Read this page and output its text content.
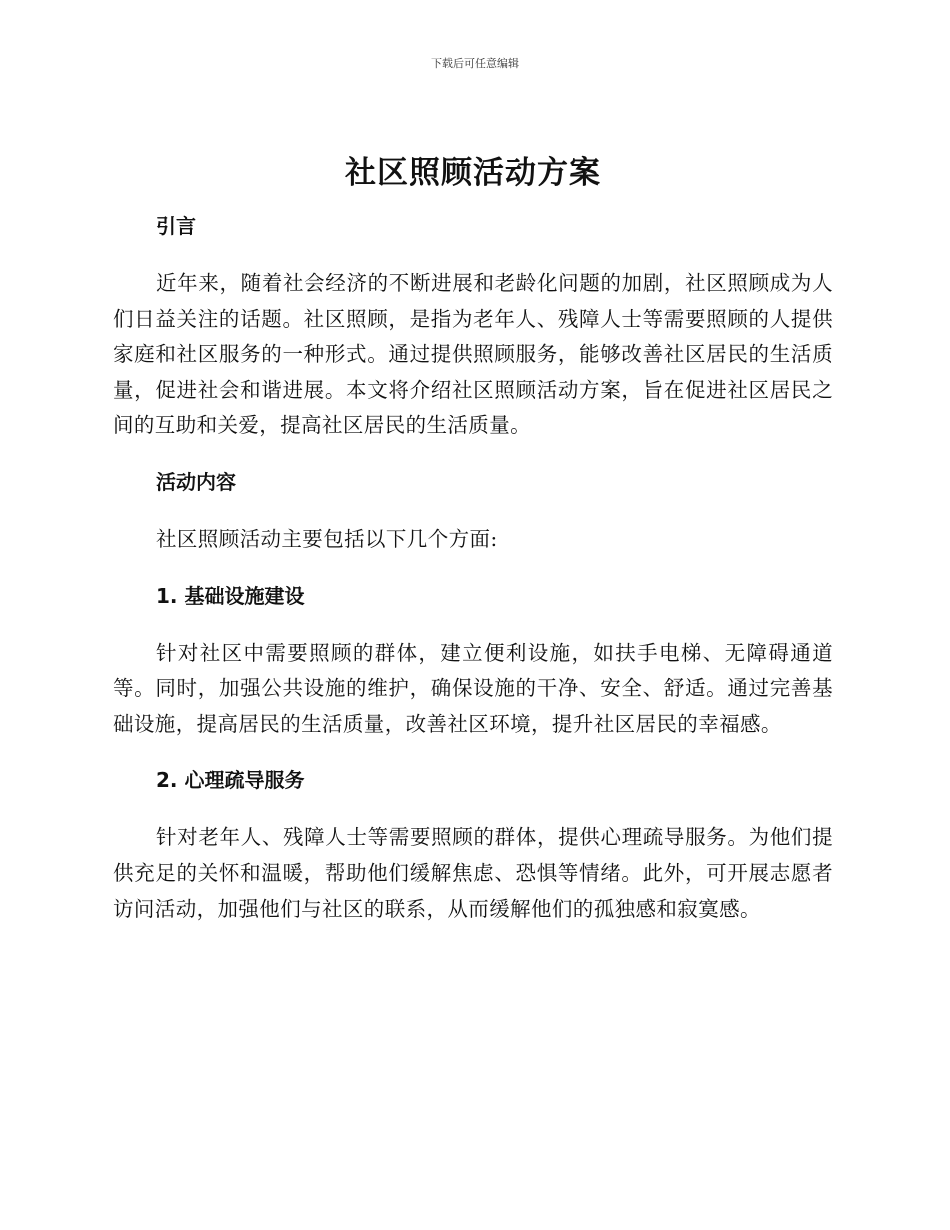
下载后可任意编辑
社区照顾活动方案
引言

近年来，随着社会经济的不断进展和老龄化问题的加剧，社区照顾成为人们日益关注的话题。社区照顾，是指为老年人、残障人士等需要照顾的人提供家庭和社区服务的一种形式。通过提供照顾服务，能够改善社区居民的生活质量，促进社会和谐进展。本文将介绍社区照顾活动方案，旨在促进社区居民之间的互助和关爱，提高社区居民的生活质量。

活动内容

社区照顾活动主要包括以下几个方面:

1. 基础设施建设

针对社区中需要照顾的群体，建立便利设施，如扶手电梯、无障碍通道等。同时，加强公共设施的维护，确保设施的干净、安全、舒适。通过完善基础设施，提高居民的生活质量，改善社区环境，提升社区居民的幸福感。

2. 心理疏导服务

针对老年人、残障人士等需要照顾的群体，提供心理疏导服务。为他们提供充足的关怀和温暖，帮助他们缓解焦虑、恐惧等情绪。此外，可开展志愿者访问活动，加强他们与社区的联系，从而缓解他们的孤独感和寂寞感。
